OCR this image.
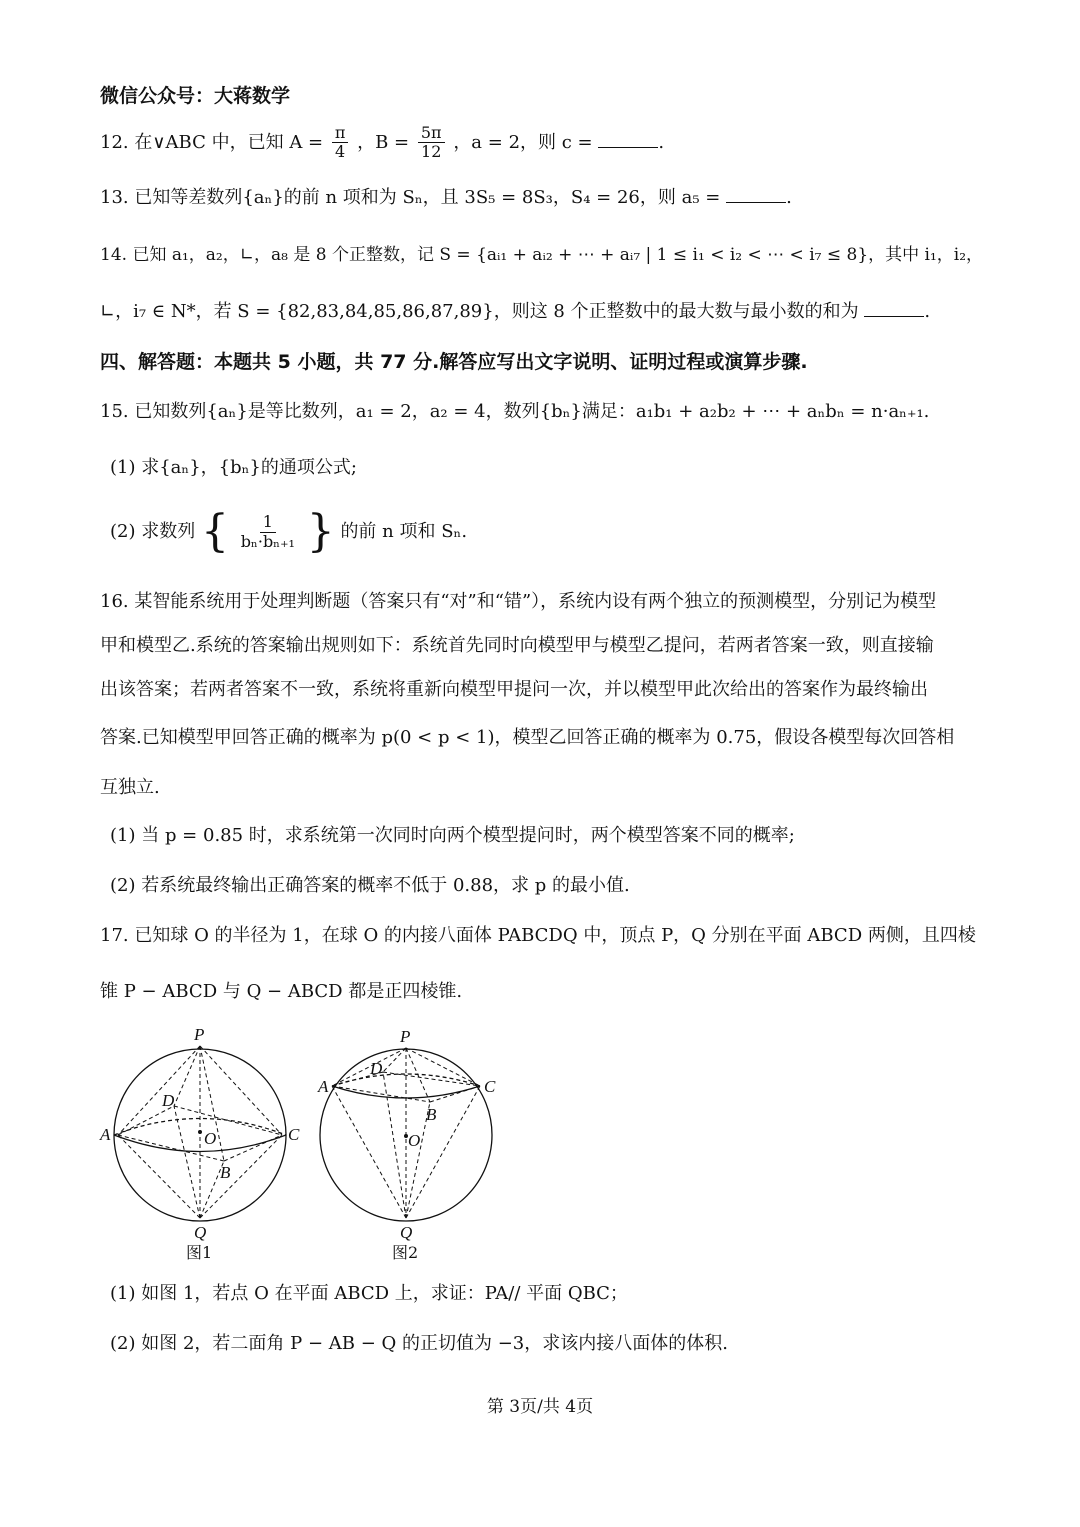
微信公众号：大蒋数学
12. 在∨ABC 中，已知 $A = \frac{\pi}{4}$ ，$B = \frac{5\pi}{12}$ ，a = 2，则 c =	.
13. 已知等差数列{aₙ}的前 n 项和为 Sₙ，且 3S₅ = 8S₃，S₄ = 26，则 a₅ =	.
14. 已知 a₁，a₂，∟，a₈ 是 8 个正整数，记 S = {aᵢ₁ + aᵢ₂ + ⋯ + aᵢ₇ | 1 ≤ i₁ < i₂ < ⋯ < i₇ ≤ 8}，其中 i₁，i₂，
∟，i₇ ∈ N*，若 S = {82,83,84,85,86,87,89}，则这 8 个正整数中的最大数与最小数的和为	.
四、解答题：本题共 5 小题，共 77 分.解答应写出文字说明、证明过程或演算步骤.
15. 已知数列{aₙ}是等比数列，a₁ = 2，a₂ = 4，数列{bₙ}满足：a₁b₁ + a₂b₂ + ⋯ + aₙbₙ = n·aₙ₊₁.
(1) 求{aₙ}，{bₙ}的通项公式;
(2) 求数列 { $\frac{1}{\text{bₙ·bₙ₊₁}}$ } 的前 n 项和 Sₙ.
16. 某智能系统用于处理判断题（答案只有“对”和“错”），系统内设有两个独立的预测模型，分别记为模型
甲和模型乙.系统的答案输出规则如下：系统首先同时向模型甲与模型乙提问，若两者答案一致，则直接输
出该答案；若两者答案不一致，系统将重新向模型甲提问一次，并以模型甲此次给出的答案作为最终输出
答案.已知模型甲回答正确的概率为 p(0 < p < 1)，模型乙回答正确的概率为 0.75，假设各模型每次回答相
互独立.
(1) 当 p = 0.85 时，求系统第一次同时向两个模型提问时，两个模型答案不同的概率;
(2) 若系统最终输出正确答案的概率不低于 0.88，求 p 的最小值.
17. 已知球 O 的半径为 1，在球 O 的内接八面体 PABCDQ 中，顶点 P，Q 分别在平面 ABCD 两侧，且四棱
锥 P − ABCD 与 Q − ABCD 都是正四棱锥.
P
Q
A
B
C
D
O
P
Q
A
B
C
D
O
图1	图2
(1) 如图 1，若点 O 在平面 ABCD 上，求证：PA// 平面 QBC；
(2) 如图 2，若二面角 P − AB − Q 的正切值为 −3，求该内接八面体的体积.
第 3页/共 4页
